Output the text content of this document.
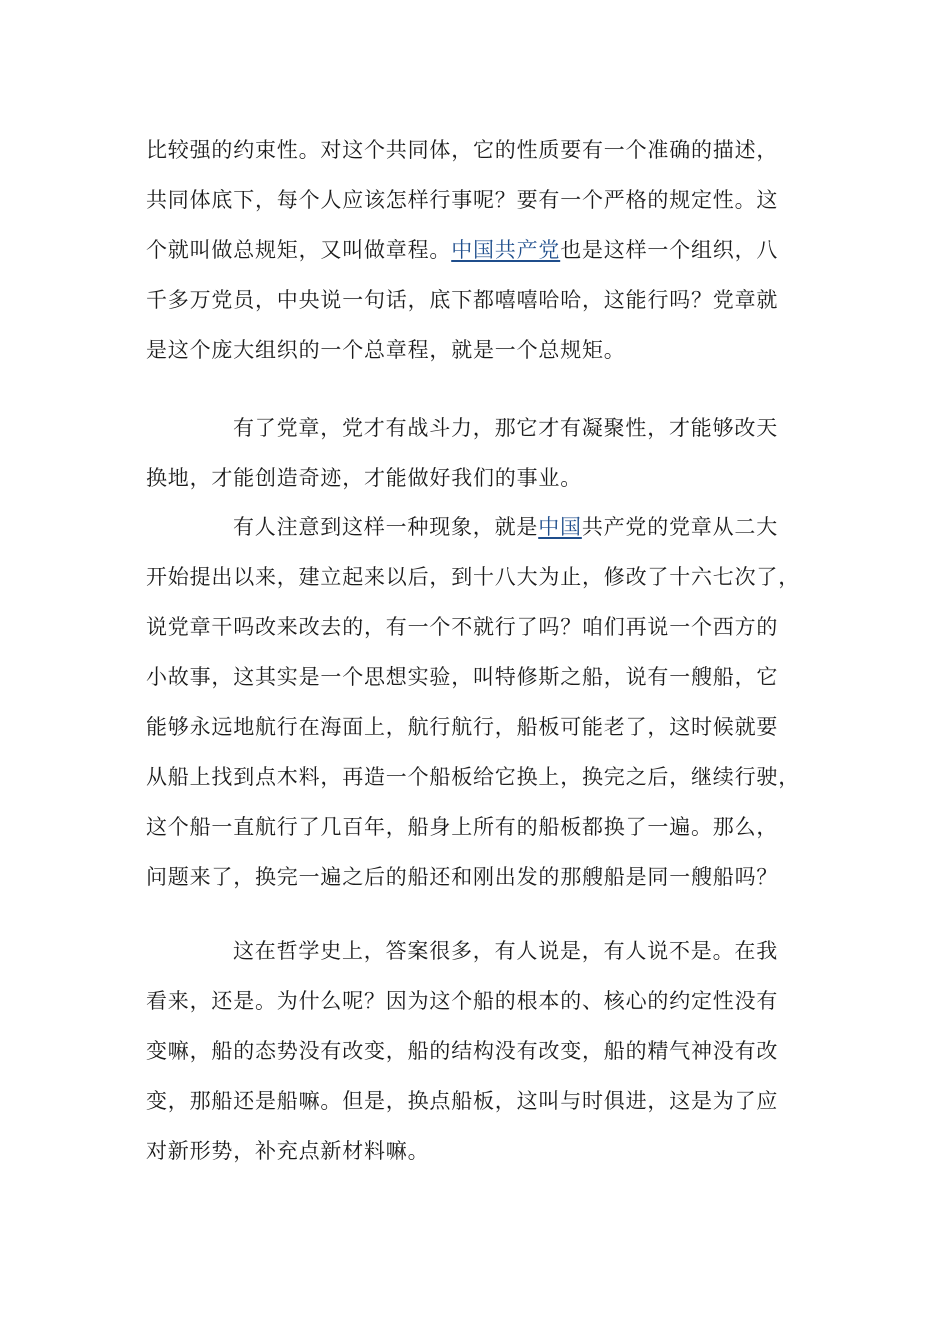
比较强的约束性。对这个共同体，它的性质要有一个准确的描述，
共同体底下，每个人应该怎样行事呢？要有一个严格的规定性。这
个就叫做总规矩，又叫做章程。中国共产党也是这样一个组织，八
千多万党员，中央说一句话，底下都嘻嘻哈哈，这能行吗？党章就
是这个庞大组织的一个总章程，就是一个总规矩。
有了党章，党才有战斗力，那它才有凝聚性，才能够改天
换地，才能创造奇迹，才能做好我们的事业。
有人注意到这样一种现象，就是中国共产党的党章从二大
开始提出以来，建立起来以后，到十八大为止，修改了十六七次了，
说党章干吗改来改去的，有一个不就行了吗？咱们再说一个西方的
小故事，这其实是一个思想实验，叫特修斯之船，说有一艘船，它
能够永远地航行在海面上，航行航行，船板可能老了，这时候就要
从船上找到点木料，再造一个船板给它换上，换完之后，继续行驶，
这个船一直航行了几百年，船身上所有的船板都换了一遍。那么，
问题来了，换完一遍之后的船还和刚出发的那艘船是同一艘船吗？
这在哲学史上，答案很多，有人说是，有人说不是。在我
看来，还是。为什么呢？因为这个船的根本的、核心的约定性没有
变嘛，船的态势没有改变，船的结构没有改变，船的精气神没有改
变，那船还是船嘛。但是，换点船板，这叫与时俱进，这是为了应
对新形势，补充点新材料嘛。
